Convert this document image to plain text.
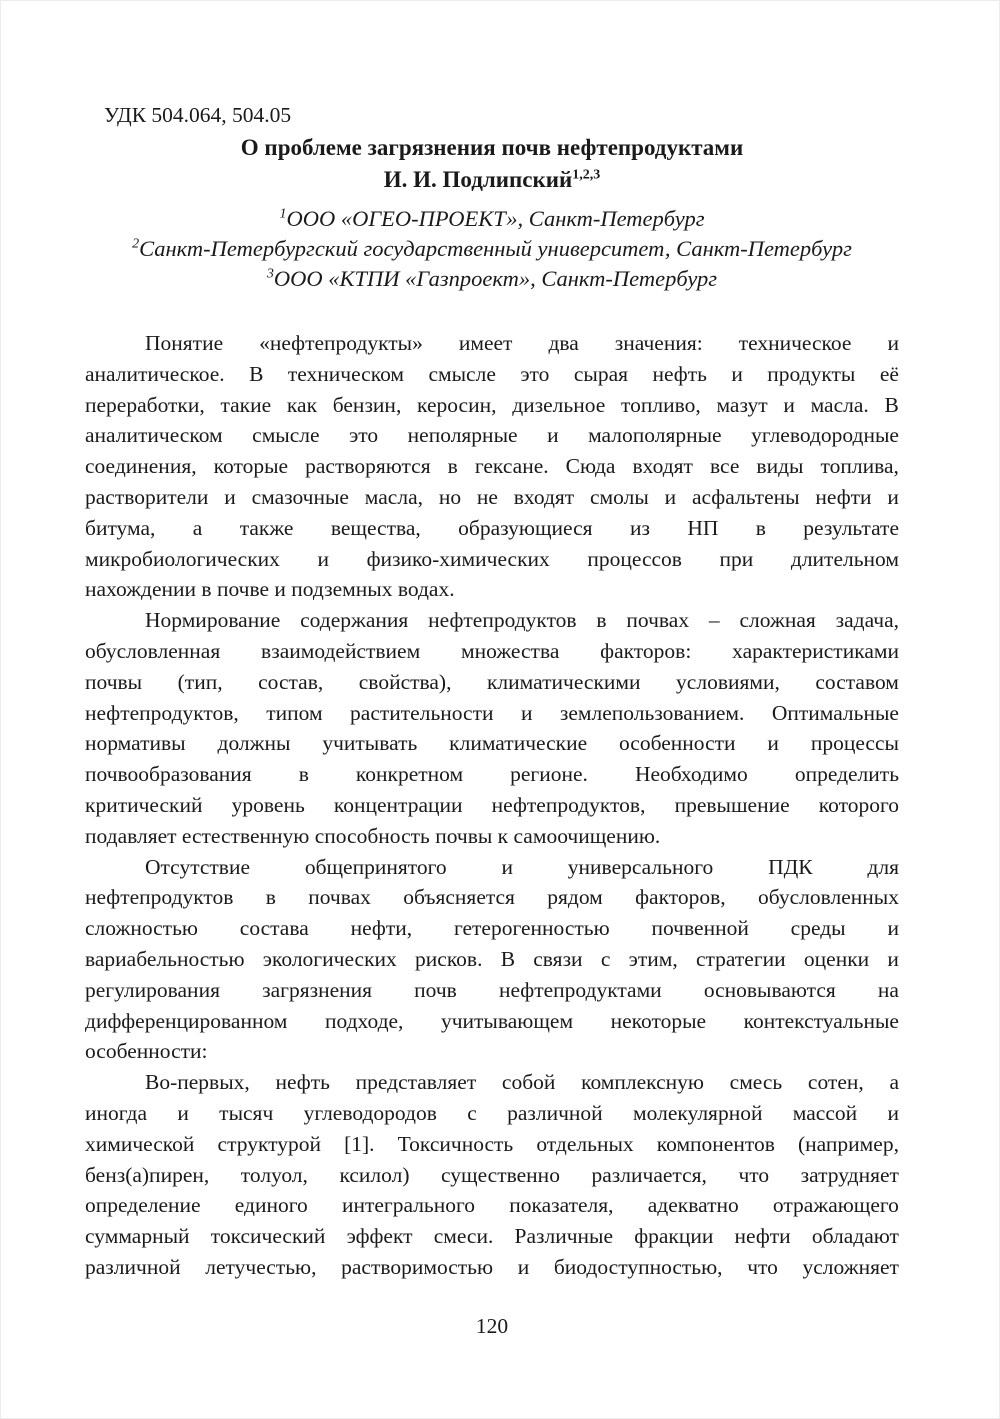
УДК 504.064, 504.05
О проблеме загрязнения почв нефтепродуктами
И. И. Подлипский$^{1,2,3}$
$^1$ООО «ОГЕО-ПРОЕКТ», Санкт-Петербург
$^2$Санкт-Петербургский государственный университет, Санкт-Петербург
$^3$ООО «КТПИ «Газпроект», Санкт-Петербург
Понятие «нефтепродукты» имеет два значения: техническое и
аналитическое. В техническом смысле это сырая нефть и продукты её
переработки, такие как бензин, керосин, дизельное топливо, мазут и масла. В
аналитическом смысле это неполярные и малополярные углеводородные
соединения, которые растворяются в гексане. Сюда входят все виды топлива,
растворители и смазочные масла, но не входят смолы и асфальтены нефти и
битума, а также вещества, образующиеся из НП в результате
микробиологических и физико-химических процессов при длительном
нахождении в почве и подземных водах.
Нормирование содержания нефтепродуктов в почвах – сложная задача,
обусловленная взаимодействием множества факторов: характеристиками
почвы (тип, состав, свойства), климатическими условиями, составом
нефтепродуктов, типом растительности и землепользованием. Оптимальные
нормативы должны учитывать климатические особенности и процессы
почвообразования в конкретном регионе. Необходимо определить
критический уровень концентрации нефтепродуктов, превышение которого
подавляет естественную способность почвы к самоочищению.
Отсутствие	общепринятого	и	универсального	ПДК	для
нефтепродуктов в почвах объясняется рядом факторов, обусловленных
сложностью состава нефти, гетерогенностью почвенной среды и
вариабельностью экологических рисков. В связи с этим, стратегии оценки и
регулирования загрязнения почв нефтепродуктами основываются на
дифференцированном подходе, учитывающем некоторые контекстуальные
особенности:
Во-первых, нефть представляет собой комплексную смесь сотен, а
иногда и тысяч углеводородов с различной молекулярной массой и
химической структурой [1]. Токсичность отдельных компонентов (например,
бенз(а)пирен, толуол, ксилол) существенно различается, что затрудняет
определение единого интегрального показателя, адекватно отражающего
суммарный токсический эффект смеси. Различные фракции нефти обладают
различной летучестью, растворимостью и биодоступностью, что усложняет
120
